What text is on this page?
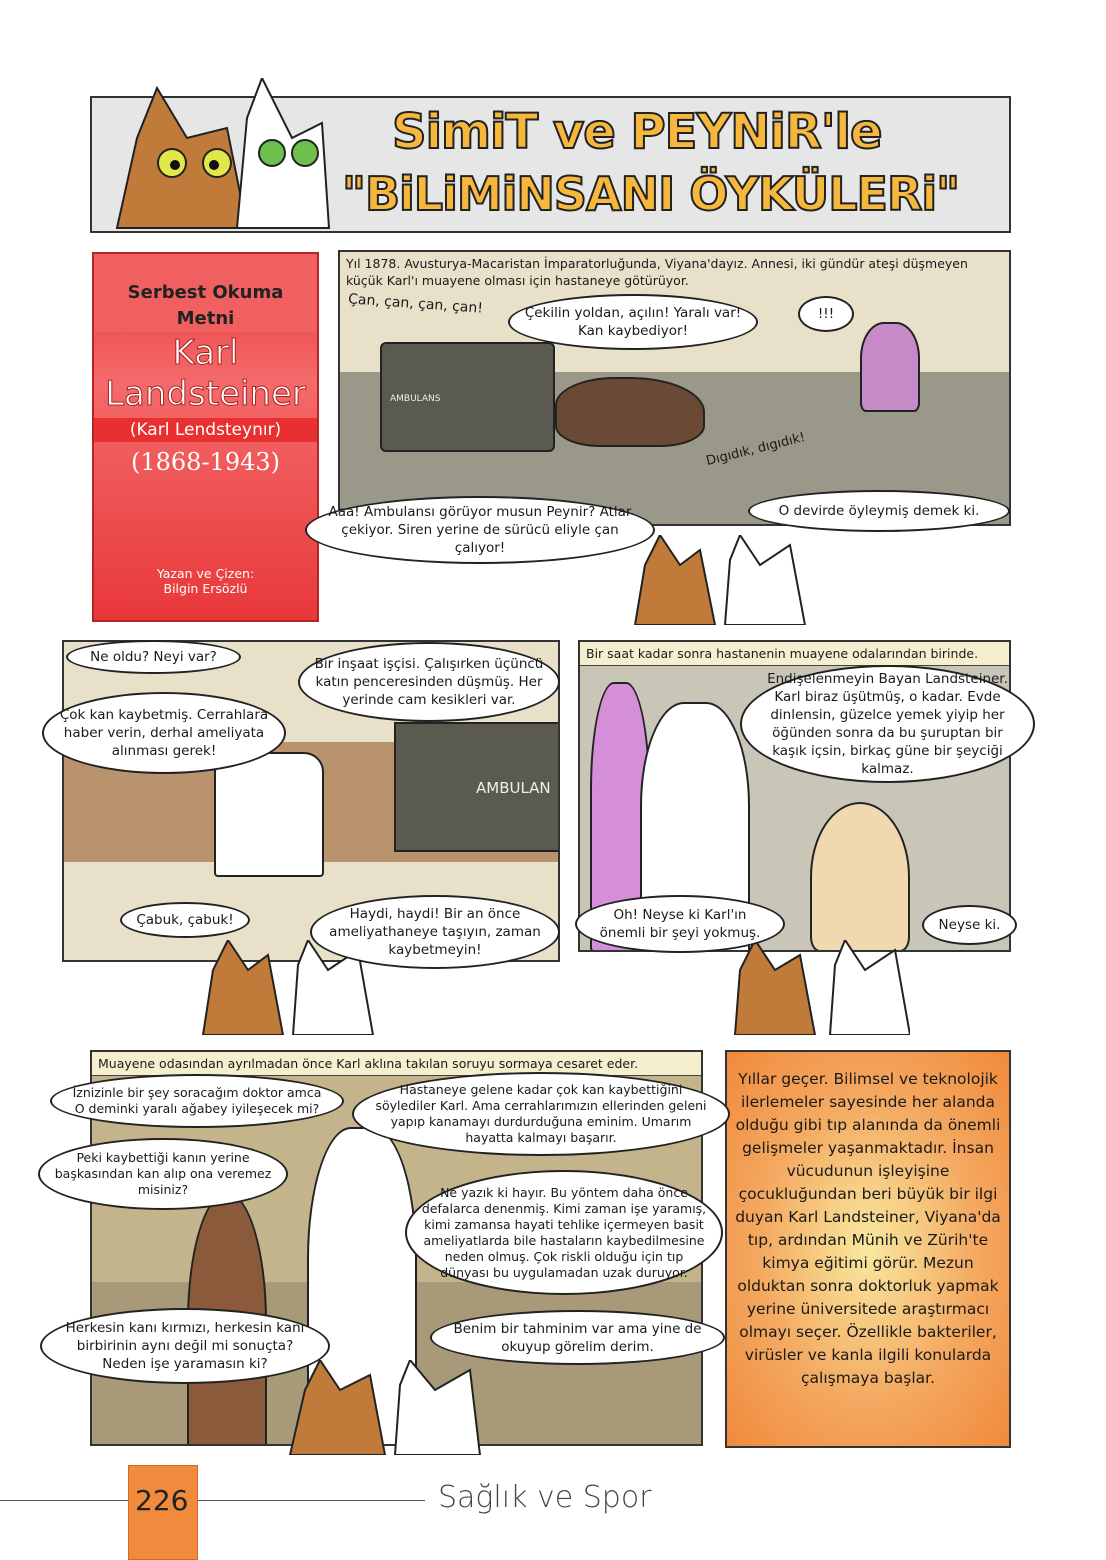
SimiT ve PEYNiR'le
"BiLiMiNSANI ÖYKÜLERi"
Serbest Okuma Metni
Karl
Landsteiner
(Karl Lendsteynır)
(1868-1943)
Yazan ve Çizen:
Bilgin Ersözlü
Yıl 1878. Avusturya-Macaristan İmparatorluğunda, Viyana'dayız. Annesi, iki gündür ateşi düşmeyen küçük Karl'ı muayene olması için hastaneye götürüyor.
Çan, çan, çan, çan!	Çekilin yoldan, açılın! Yaralı var! Kan kaybediyor!
!!!
AMBULANS
Dıgıdık, dıgıdık!
Aaa! Ambulansı görüyor musun Peynir? Atlar çekiyor. Siren yerine de sürücü eliyle çan çalıyor!
O devirde öyleymiş demek ki.
AMBULAN
Ne oldu? Neyi var?	Bir inşaat işçisi. Çalışırken üçüncü katın penceresinden düşmüş. Her yerinde cam kesikleri var.
Çok kan kaybetmiş. Cerrahlara haber verin, derhal ameliyata alınması gerek!
Çabuk, çabuk!	Haydi, haydi! Bir an önce ameliyathaneye taşıyın, zaman kaybetmeyin!
Bir saat kadar sonra hastanenin muayene odalarından birinde.
Endişelenmeyin Bayan Landsteiner. Karl biraz üşütmüş, o kadar. Evde dinlensin, güzelce yemek yiyip her öğünden sonra da bu şuruptan bir kaşık içsin, birkaç güne bir şeyciği kalmaz.
Oh! Neyse ki Karl'ın önemli bir şeyi yokmuş.	Neyse ki.
Muayene odasından ayrılmadan önce Karl aklına takılan soruyu sormaya cesaret eder.
İznizinle bir şey soracağım doktor amca O deminki yaralı ağabey iyileşecek mi?
Hastaneye gelene kadar çok kan kaybettiğini söylediler Karl. Ama cerrahlarımızın ellerinden geleni yapıp kanamayı durdurduğuna eminim. Umarım hayatta kalmayı başarır.
Peki kaybettiği kanın yerine başkasından kan alıp ona veremez misiniz?	Ne yazık ki hayır. Bu yöntem daha önce defalarca denenmiş. Kimi zaman işe yaramış, kimi zamansa hayati tehlike içermeyen basit ameliyatlarda bile hastaların kaybedilmesine neden olmuş. Çok riskli olduğu için tıp dünyası bu uygulamadan uzak duruyor.
Herkesin kanı kırmızı, herkesin kanı birbirinin aynı değil mi sonuçta? Neden işe yaramasın ki?
Benim bir tahminim var ama yine de okuyup görelim derim.
Yıllar geçer. Bilimsel ve teknolojik ilerlemeler sayesinde her alanda olduğu gibi tıp alanında da önemli gelişmeler yaşanmaktadır. İnsan vücudunun işleyişine çocukluğundan beri büyük bir ilgi duyan Karl Landsteiner, Viyana'da tıp, ardından Münih ve Zürih'te kimya eğitimi görür. Mezun olduktan sonra doktorluk yapmak yerine üniversitede araştırmacı olmayı seçer. Özellikle bakteriler, virüsler ve kanla ilgili konularda çalışmaya başlar.
226	Sağlık ve Spor
